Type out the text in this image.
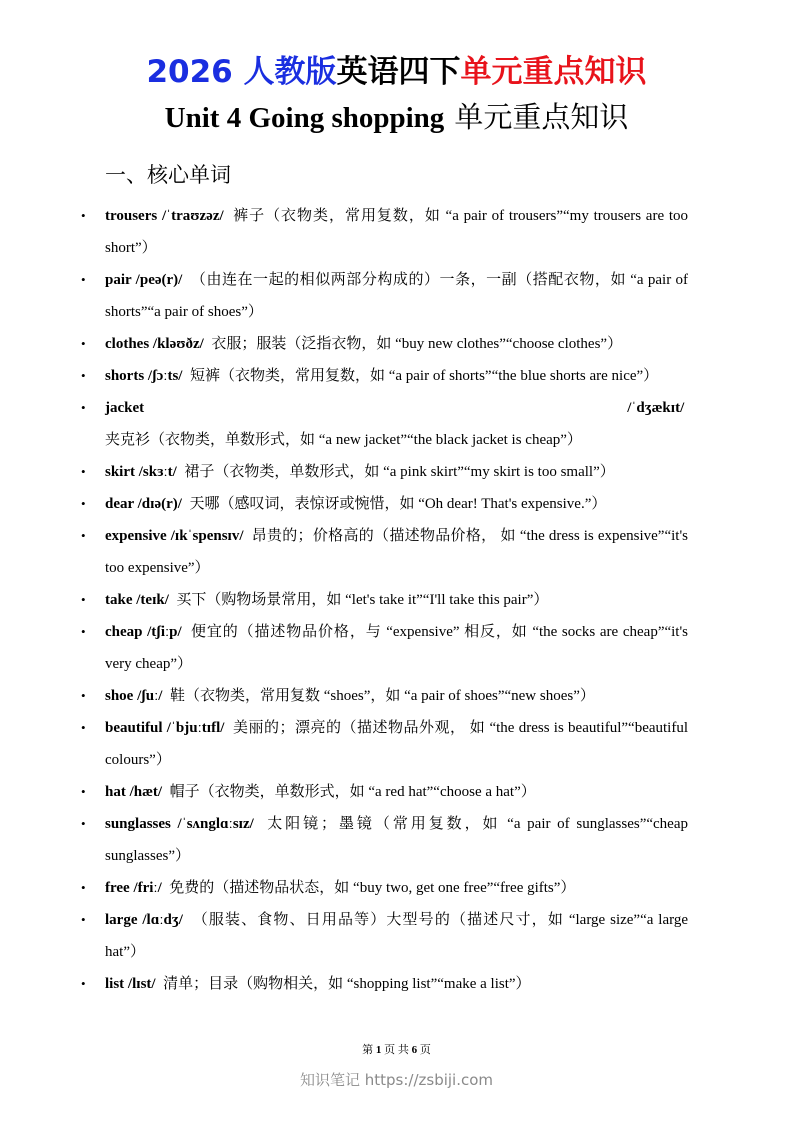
2026 人教版英语四下单元重点知识
Unit 4 Going shopping 单元重点知识
一、核心单词
• trousers /ˈtraʊzəz/ 裤子（衣物类，常用复数，如 “a pair of trousers”“my trousers are too short”）
• pair /peə(r)/ （由连在一起的相似两部分构成的）一条，一副（搭配衣物，如 “a pair of shorts”“a pair of shoes”）
• clothes /kləʊðz/ 衣服；服装（泛指衣物，如 “buy new clothes”“choose clothes”）
• shorts /ʃɔːts/ 短裤（衣物类，常用复数，如 “a pair of shorts”“the blue shorts are nice”）
• jacket /ˈdʒækɪt/  夹克衫（衣物类，单数形式，如 “a new jacket”“the black jacket is cheap”）
• skirt /skɜːt/ 裙子（衣物类，单数形式，如 “a pink skirt”“my skirt is too small”）
• dear /dɪə(r)/ 天哪（感叹词，表惊讶或惋惜，如 “Oh dear! That's expensive.”）
• expensive /ɪkˈspensɪv/ 昂贵的；价格高的（描述物品价格， 如 “the dress is expensive”“it's too expensive”）
• take /teɪk/ 买下（购物场景常用，如 “let's take it”“I'll take this pair”）
• cheap /tʃiːp/ 便宜的（描述物品价格，与 “expensive” 相反，如 “the socks are cheap”“it's very cheap”）
• shoe /ʃuː/ 鞋（衣物类，常用复数 “shoes”，如 “a pair of shoes”“new shoes”）
• beautiful /ˈbjuːtɪfl/ 美丽的；漂亮的（描述物品外观， 如 “the dress is beautiful”“beautiful colours”）
• hat /hæt/ 帽子（衣物类，单数形式，如 “a red hat”“choose a hat”）
• sunglasses /ˈsʌnglɑːsɪz/ 太阳镜；墨镜（常用复数，如 “a pair of sunglasses”“cheap sunglasses”）
• free /friː/ 免费的（描述物品状态，如 “buy two, get one free”“free gifts”）
• large /lɑːdʒ/ （服装、食物、日用品等）大型号的（描述尺寸，如 “large size”“a large hat”）
• list /lɪst/ 清单；目录（购物相关，如 “shopping list”“make a list”）
第 1 页 共 6 页
知识笔记 https://zsbiji.com
